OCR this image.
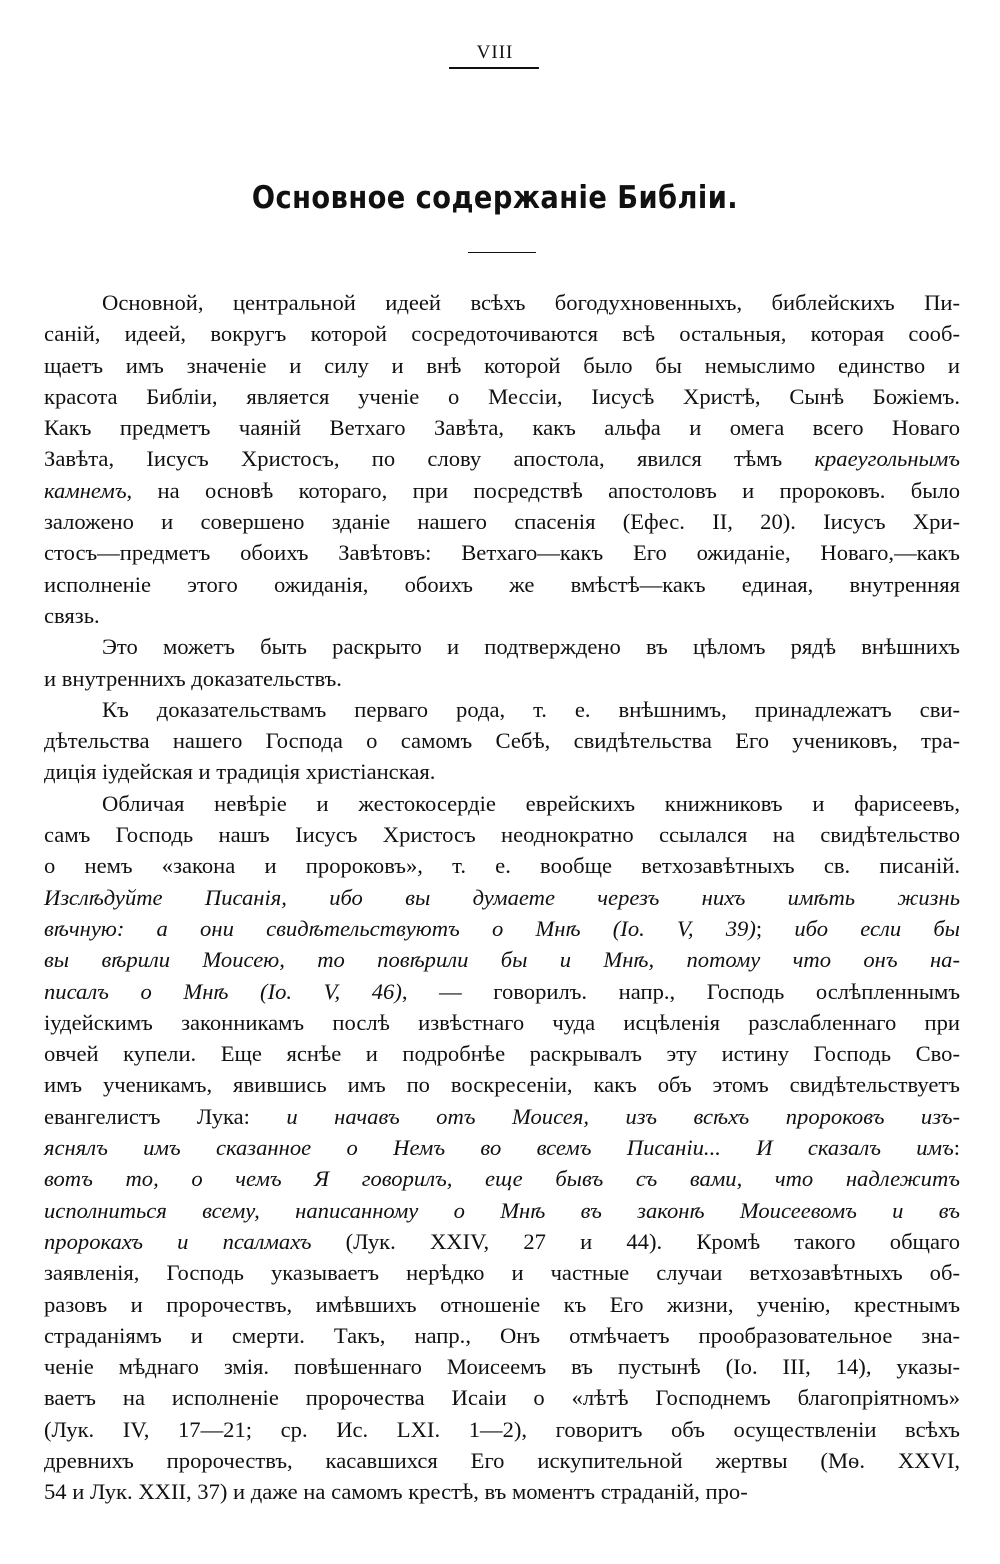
VIII
Основное содержаніе Библіи.
Основной, центральной идеей всѣхъ богодухновенныхъ, библейскихъ Пи-
саній, идеей, вокругъ которой сосредоточиваются всѣ остальныя, которая сооб-
щаетъ имъ значеніе и силу и внѣ которой было бы немыслимо единство и
красота Библіи, является ученіе о Мессіи, Іисусѣ Христѣ, Сынѣ Божіемъ.
Какъ предметъ чаяній Ветхаго Завѣта, какъ альфа и омега всего Новаго
Завѣта, Іисусъ Христосъ, по слову апостола, явился тѣмъ краеугольнымъ
камнемъ, на основѣ котораго, при посредствѣ апостоловъ и пророковъ. было
заложено и совершено зданіе нашего спасенія (Ефес. II, 20). Іисусъ Хри-
стосъ—предметъ обоихъ Завѣтовъ: Ветхаго—какъ Его ожиданіе, Новаго,—какъ
исполненіе этого ожиданія, обоихъ же вмѣстѣ—какъ единая, внутренняя
связь.
Это можетъ быть раскрыто и подтверждено въ цѣломъ рядѣ внѣшнихъ
и внутреннихъ доказательствъ.
Къ доказательствамъ перваго рода, т. е. внѣшнимъ, принадлежатъ сви-
дѣтельства нашего Господа о самомъ Себѣ, свидѣтельства Его учениковъ, тра-
диція іудейская и традиція христіанская.
Обличая невѣріе и жестокосердіе еврейскихъ книжниковъ и фарисеевъ,
самъ Господь нашъ Іисусъ Христосъ неоднократно ссылался на свидѣтельство
о немъ «закона и пророковъ», т. е. вообще ветхозавѣтныхъ св. писаній.
Изслѣдуйте Писанія, ибо вы думаете черезъ нихъ имѣть жизнь
вѣчную: а они свидѣтельствуютъ о Мнѣ (Іо. V, 39); ибо если бы
вы вѣрили Моисею, то повѣрили бы и Мнѣ, потому что онъ на-
писалъ о Мнѣ (Іо. V, 46), — говорилъ. напр., Господь ослѣпленнымъ
іудейскимъ законникамъ послѣ извѣстнаго чуда исцѣленія разслабленнаго при
овчей купели. Еще яснѣе и подробнѣе раскрывалъ эту истину Господь Сво-
имъ ученикамъ, явившись имъ по воскресеніи, какъ объ этомъ свидѣтельствуетъ
евангелистъ Лука: и начавъ отъ Моисея, изъ всѣхъ пророковъ изъ-
яснялъ имъ сказанное о Немъ во всемъ Писаніи... И сказалъ имъ:
вотъ то, о чемъ Я говорилъ, еще бывъ съ вами, что надлежитъ
исполниться всему, написанному о Мнѣ въ законѣ Моисеевомъ и въ
пророкахъ и псалмахъ (Лук. XXIV, 27 и 44). Кромѣ такого общаго
заявленія, Господь указываетъ нерѣдко и частные случаи ветхозавѣтныхъ об-
разовъ и пророчествъ, имѣвшихъ отношеніе къ Его жизни, ученію, крестнымъ
страданіямъ и смерти. Такъ, напр., Онъ отмѣчаетъ прообразовательное зна-
ченіе мѣднаго змія. повѣшеннаго Моисеемъ въ пустынѣ (Іо. III, 14), указы-
ваетъ на исполненіе пророчества Исаіи о «лѣтѣ Господнемъ благопріятномъ»
(Лук. IV, 17—21; ср. Ис. LXI. 1—2), говоритъ объ осуществленіи всѣхъ
древнихъ пророчествъ, касавшихся Его искупительной жертвы (Мѳ. XXVI,
54 и Лук. XXII, 37) и даже на самомъ крестѣ, въ моментъ страданій, про-
